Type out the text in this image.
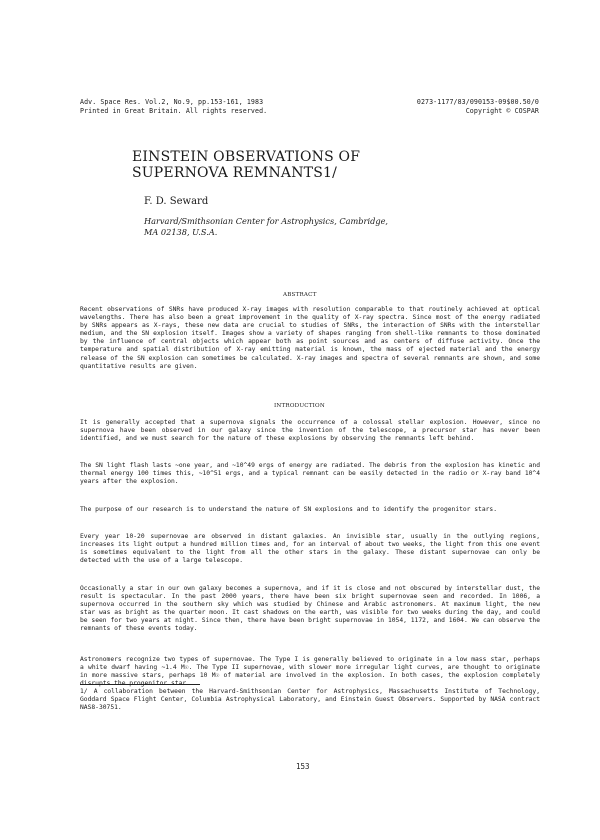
Adv. Space Res. Vol.2, No.9, pp.153-161, 1983
Printed in Great Britain. All rights reserved.
0273-1177/83/090153-09$00.50/0
Copyright © COSPAR
EINSTEIN OBSERVATIONS OF
SUPERNOVA REMNANTS1/
F. D. Seward
Harvard/Smithsonian Center for Astrophysics, Cambridge,
MA 02138, U.S.A.
ABSTRACT
Recent observations of SNRs have produced X-ray images with resolution comparable to that routinely achieved at optical wavelengths. There has also been a great improvement in the quality of X-ray spectra. Since most of the energy radiated by SNRs appears as X-rays, these new data are crucial to studies of SNRs, the interaction of SNRs with the interstellar medium, and the SN explosion itself. Images show a variety of shapes ranging from shell-like remnants to those dominated by the influence of central objects which appear both as point sources and as centers of diffuse activity. Once the temperature and spatial distribution of X-ray emitting material is known, the mass of ejected material and the energy release of the SN explosion can sometimes be calculated. X-ray images and spectra of several remnants are shown, and some quantitative results are given.
INTRODUCTION
It is generally accepted that a supernova signals the occurrence of a colossal stellar explosion. However, since no supernova have been observed in our galaxy since the invention of the telescope, a precursor star has never been identified, and we must search for the nature of these explosions by observing the remnants left behind.
The SN light flash lasts ~one year, and ~10^49 ergs of energy are radiated. The debris from the explosion has kinetic and thermal energy 100 times this, ~10^51 ergs, and a typical remnant can be easily detected in the radio or X-ray band 10^4 years after the explosion.
The purpose of our research is to understand the nature of SN explosions and to identify the progenitor stars.
Every year 10-20 supernovae are observed in distant galaxies. An invisible star, usually in the outlying regions, increases its light output a hundred million times and, for an interval of about two weeks, the light from this one event is sometimes equivalent to the light from all the other stars in the galaxy. These distant supernovae can only be detected with the use of a large telescope.
Occasionally a star in our own galaxy becomes a supernova, and if it is close and not obscured by interstellar dust, the result is spectacular. In the past 2000 years, there have been six bright supernovae seen and recorded. In 1006, a supernova occurred in the southern sky which was studied by Chinese and Arabic astronomers. At maximum light, the new star was as bright as the quarter moon. It cast shadows on the earth, was visible for two weeks during the day, and could be seen for two years at night. Since then, there have been bright supernovae in 1054, 1172, and 1604. We can observe the remnants of these events today.
Astronomers recognize two types of supernovae. The Type I is generally believed to originate in a low mass star, perhaps a white dwarf having ~1.4 M☉. The Type II supernovae, with slower more irregular light curves, are thought to originate in more massive stars, perhaps 10 M☉ of material are involved in the explosion. In both cases, the explosion completely disrupts the progenitor star.
1/ A collaboration between the Harvard-Smithsonian Center for Astrophysics, Massachusetts Institute of Technology, Goddard Space Flight Center, Columbia Astrophysical Laboratory, and Einstein Guest Observers. Supported by NASA contract NAS8-30751.
153
